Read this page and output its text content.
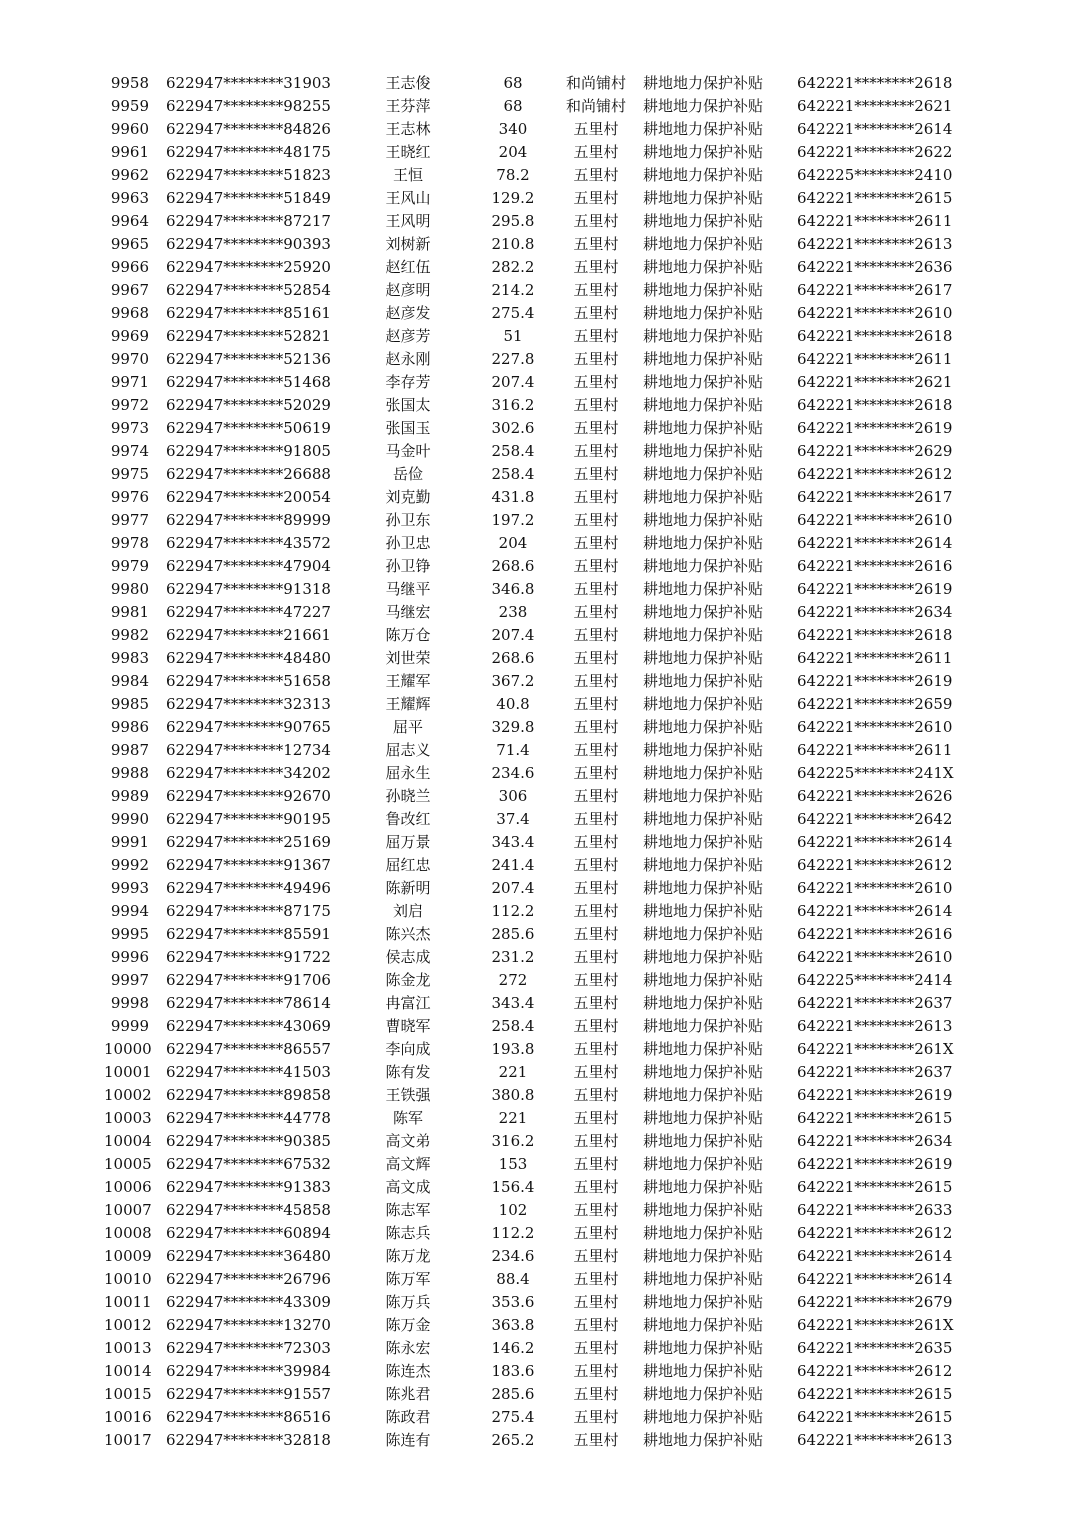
9958 622947********31903	王志俊	68	和尚铺村	耕地地力保护补贴 642221********2618
9959 622947********98255	王芬萍	68	和尚铺村	耕地地力保护补贴 642221********2621
9960 622947********84826	王志林	340	五里村	耕地地力保护补贴 642221********2614
9961 622947********48175	王晓红	204	五里村	耕地地力保护补贴 642221********2622
9962 622947********51823	王恒	78.2	五里村	耕地地力保护补贴 642225********2410
9963 622947********51849	王风山	129.2	五里村	耕地地力保护补贴 642221********2615
9964 622947********87217	王风明	295.8	五里村	耕地地力保护补贴 642221********2611
9965 622947********90393	刘树新	210.8	五里村	耕地地力保护补贴 642221********2613
9966 622947********25920	赵红伍	282.2	五里村	耕地地力保护补贴 642221********2636
9967 622947********52854	赵彦明	214.2	五里村	耕地地力保护补贴 642221********2617
9968 622947********85161	赵彦发	275.4	五里村	耕地地力保护补贴 642221********2610
9969 622947********52821	赵彦芳	51	五里村	耕地地力保护补贴 642221********2618
9970 622947********52136	赵永刚	227.8	五里村	耕地地力保护补贴 642221********2611
9971 622947********51468	李存芳	207.4	五里村	耕地地力保护补贴 642221********2621
9972 622947********52029	张国太	316.2	五里村	耕地地力保护补贴 642221********2618
9973 622947********50619	张国玉	302.6	五里村	耕地地力保护补贴 642221********2619
9974 622947********91805	马金叶	258.4	五里村	耕地地力保护补贴 642221********2629
9975 622947********26688	岳俭	258.4	五里村	耕地地力保护补贴 642221********2612
9976 622947********20054	刘克勤	431.8	五里村	耕地地力保护补贴 642221********2617
9977 622947********89999	孙卫东	197.2	五里村	耕地地力保护补贴 642221********2610
9978 622947********43572	孙卫忠	204	五里村	耕地地力保护补贴 642221********2614
9979 622947********47904	孙卫铮	268.6	五里村	耕地地力保护补贴 642221********2616
9980 622947********91318	马继平	346.8	五里村	耕地地力保护补贴 642221********2619
9981 622947********47227	马继宏	238	五里村	耕地地力保护补贴 642221********2634
9982 622947********21661	陈万仓	207.4	五里村	耕地地力保护补贴 642221********2618
9983 622947********48480	刘世荣	268.6	五里村	耕地地力保护补贴 642221********2611
9984 622947********51658	王耀军	367.2	五里村	耕地地力保护补贴 642221********2619
9985 622947********32313	王耀辉	40.8	五里村	耕地地力保护补贴 642221********2659
9986 622947********90765	屈平	329.8	五里村	耕地地力保护补贴 642221********2610
9987 622947********12734	屈志义	71.4	五里村	耕地地力保护补贴 642221********2611
9988 622947********34202	屈永生	234.6	五里村	耕地地力保护补贴 642225********241X
9989 622947********92670	孙晓兰	306	五里村	耕地地力保护补贴 642221********2626
9990 622947********90195	鲁改红	37.4	五里村	耕地地力保护补贴 642221********2642
9991 622947********25169	屈万景	343.4	五里村	耕地地力保护补贴 642221********2614
9992 622947********91367	屈红忠	241.4	五里村	耕地地力保护补贴 642221********2612
9993 622947********49496	陈新明	207.4	五里村	耕地地力保护补贴 642221********2610
9994 622947********87175	刘启	112.2	五里村	耕地地力保护补贴 642221********2614
9995 622947********85591	陈兴杰	285.6	五里村	耕地地力保护补贴 642221********2616
9996 622947********91722	侯志成	231.2	五里村	耕地地力保护补贴 642221********2610
9997 622947********91706	陈金龙	272	五里村	耕地地力保护补贴 642225********2414
9998 622947********78614	冉富江	343.4	五里村	耕地地力保护补贴 642221********2637
9999 622947********43069	曹晓军	258.4	五里村	耕地地力保护补贴 642221********2613
10000 622947********86557	李向成	193.8	五里村	耕地地力保护补贴 642221********261X
10001 622947********41503	陈有发	221	五里村	耕地地力保护补贴 642221********2637
10002 622947********89858	王铁强	380.8	五里村	耕地地力保护补贴 642221********2619
10003 622947********44778	陈军	221	五里村	耕地地力保护补贴 642221********2615
10004 622947********90385	高文弟	316.2	五里村	耕地地力保护补贴 642221********2634
10005 622947********67532	高文辉	153	五里村	耕地地力保护补贴 642221********2619
10006 622947********91383	高文成	156.4	五里村	耕地地力保护补贴 642221********2615
10007 622947********45858	陈志军	102	五里村	耕地地力保护补贴 642221********2633
10008 622947********60894	陈志兵	112.2	五里村	耕地地力保护补贴 642221********2612
10009 622947********36480	陈万龙	234.6	五里村	耕地地力保护补贴 642221********2614
10010 622947********26796	陈万军	88.4	五里村	耕地地力保护补贴 642221********2614
10011 622947********43309	陈万兵	353.6	五里村	耕地地力保护补贴 642221********2679
10012 622947********13270	陈万金	363.8	五里村	耕地地力保护补贴 642221********261X
10013 622947********72303	陈永宏	146.2	五里村	耕地地力保护补贴 642221********2635
10014 622947********39984	陈连杰	183.6	五里村	耕地地力保护补贴 642221********2612
10015 622947********91557	陈兆君	285.6	五里村	耕地地力保护补贴 642221********2615
10016 622947********86516	陈政君	275.4	五里村	耕地地力保护补贴 642221********2615
10017 622947********32818	陈连有	265.2	五里村	耕地地力保护补贴 642221********2613
